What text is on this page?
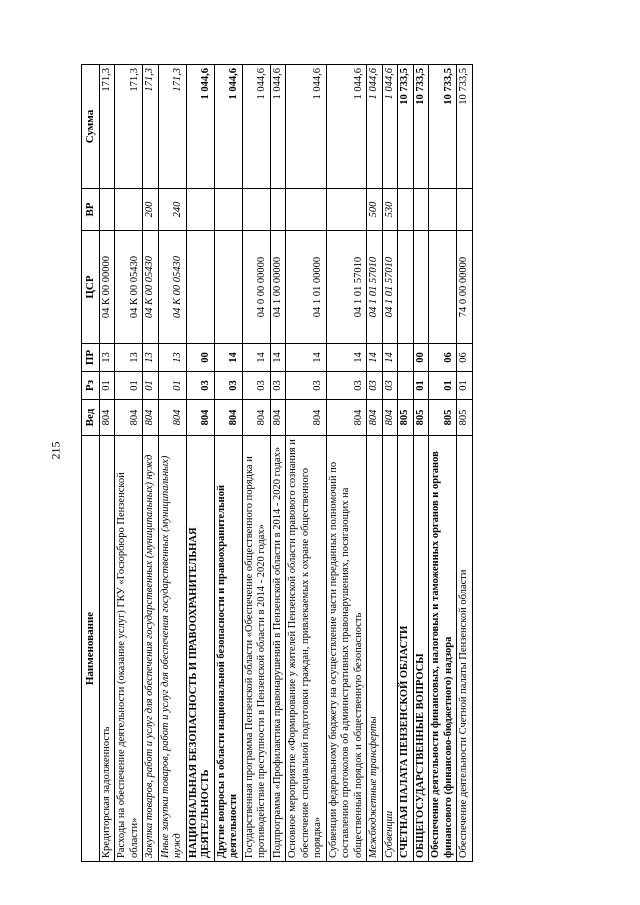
215
Наименование	Вед	Рз	ПР	ЦСР	ВР	Сумма
Кредиторская задолженность	804	01	13	04 К 00 00000		171,3
Расходы на обеспечение деятельности (оказание услуг) ГКУ «Госюрбюро Пензенской области»	804	01	13	04 К 00 05430		171,3
Закупка товаров, работ и услуг для обеспечения государственных (муниципальных) нужд	804	01	13	04 К 00 05430	200	171,3
Иные закупки товаров, работ и услуг для обеспечения государственных (муниципальных) нужд	804	01	13	04 К 00 05430	240	171,3
НАЦИОНАЛЬНАЯ БЕЗОПАСНОСТЬ И ПРАВООХРАНИТЕЛЬНАЯ ДЕЯТЕЛЬНОСТЬ	804	03	00			1 044,6
Другие вопросы в области национальной безопасности и правоохранительной деятельности	804	03	14			1 044,6
Государственная программа Пензенской области «Обеспечение общественного порядка и противодействие преступности в Пензенской области в 2014 - 2020 годах»	804	03	14	04 0 00 00000		1 044,6
Подпрограмма «Профилактика правонарушений в Пензенской области в 2014 - 2020 годах»	804	03	14	04 1 00 00000		1 044,6
Основное мероприятие «Формирование у жителей Пензенской области правового сознания и обеспечение специальной подготовки граждан, привлекаемых к охране общественного порядка»	804	03	14	04 1 01 00000		1 044,6
Субвенции федеральному бюджету на осуществление части переданных полномочий по составлению протоколов об административных правонарушениях, посягающих на общественный порядок и общественную безопасность	804	03	14	04 1 01 57010		1 044,6
Межбюджетные трансферты	804	03	14	04 1 01 57010	500	1 044,6
Субвенции	804	03	14	04 1 01 57010	530	1 044,6
СЧЕТНАЯ ПАЛАТА ПЕНЗЕНСКОЙ ОБЛАСТИ	805					10 733,5
ОБЩЕГОСУДАРСТВЕННЫЕ ВОПРОСЫ	805	01	00			10 733,5
Обеспечение деятельности финансовых, налоговых и таможенных органов и органов финансового (финансово-бюджетного) надзора	805	01	06			10 733,5
Обеспечение деятельности Счетной палаты Пензенской области	805	01	06	74 0 00 00000		10 733,5
